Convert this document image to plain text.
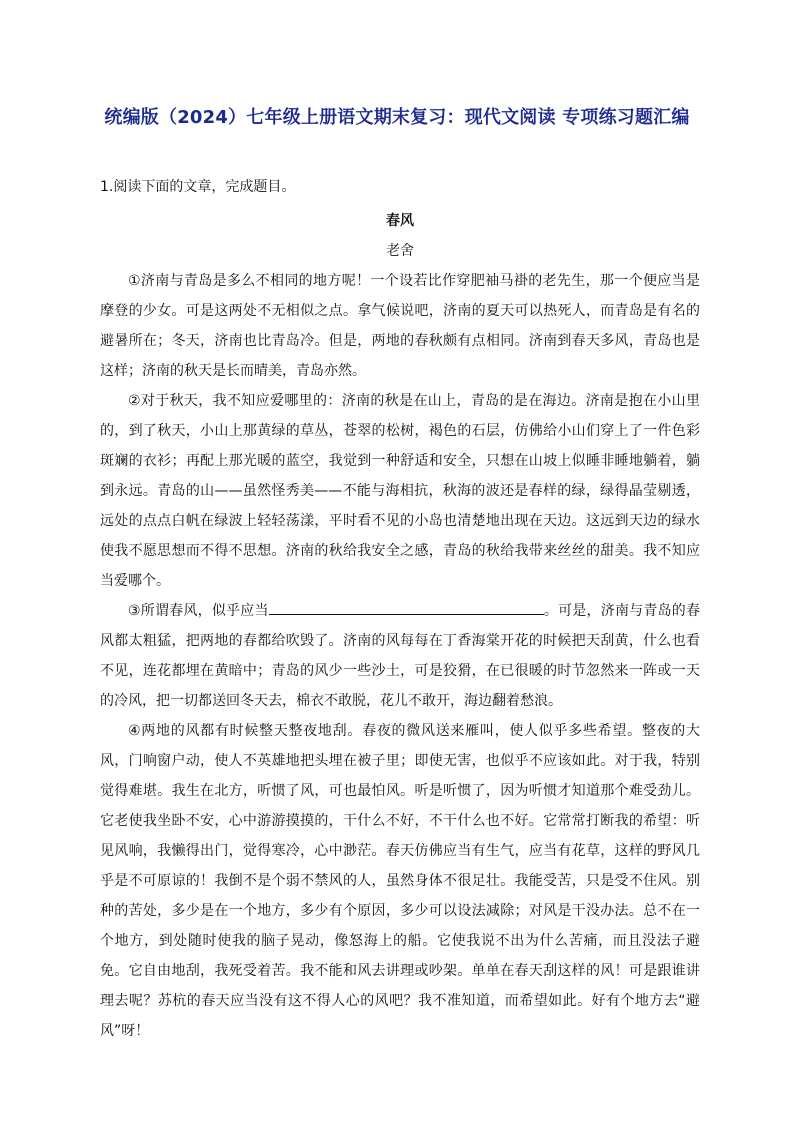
统编版（2024）七年级上册语文期末复习：现代文阅读 专项练习题汇编

1.阅读下面的文章，完成题目。

春风

老舍

①济南与青岛是多么不相同的地方呢！一个设若比作穿肥袖马褂的老先生，那一个便应当是摩登的少女。可是这两处不无相似之点。拿气候说吧，济南的夏天可以热死人，而青岛是有名的避暑所在；冬天，济南也比青岛冷。但是，两地的春秋颇有点相同。济南到春天多风，青岛也是这样；济南的秋天是长而晴美，青岛亦然。

②对于秋天，我不知应爱哪里的：济南的秋是在山上，青岛的是在海边。济南是抱在小山里的，到了秋天，小山上那黄绿的草丛，苍翠的松树，褐色的石层，仿佛给小山们穿上了一件色彩斑斓的衣衫；再配上那光暖的蓝空，我觉到一种舒适和安全，只想在山坡上似睡非睡地躺着，躺到永远。青岛的山——虽然怪秀美——不能与海相抗，秋海的波还是春样的绿，绿得晶莹剔透，远处的点点白帆在绿波上轻轻荡漾，平时看不见的小岛也清楚地出现在天边。这远到天边的绿水使我不愿思想而不得不思想。济南的秋给我安全之感，青岛的秋给我带来丝丝的甜美。我不知应当爱哪个。

③所谓春风，似乎应当	。可是，济南与青岛的春风都太粗猛，把两地的春都给吹毁了。济南的风每每在丁香海棠开花的时候把天刮黄，什么也看不见，连花都埋在黄暗中；青岛的风少一些沙土，可是狡猾，在已很暖的时节忽然来一阵或一天的冷风，把一切都送回冬天去，棉衣不敢脱，花儿不敢开，海边翻着愁浪。

④两地的风都有时候整天整夜地刮。春夜的微风送来雁叫，使人似乎多些希望。整夜的大风，门响窗户动，使人不英雄地把头埋在被子里；即使无害，也似乎不应该如此。对于我，特别觉得难堪。我生在北方，听惯了风，可也最怕风。听是听惯了，因为听惯才知道那个难受劲儿。它老使我坐卧不安，心中游游摸摸的，干什么不好，不干什么也不好。它常常打断我的希望：听见风响，我懒得出门，觉得寒冷，心中渺茫。春天仿佛应当有生气，应当有花草，这样的野风几乎是不可原谅的！我倒不是个弱不禁风的人，虽然身体不很足壮。我能受苦，只是受不住风。别种的苦处，多少是在一个地方，多少有个原因，多少可以设法减除；对风是干没办法。总不在一个地方，到处随时使我的脑子晃动，像怒海上的船。它使我说不出为什么苦痛，而且没法子避免。它自由地刮，我死受着苦。我不能和风去讲理或吵架。单单在春天刮这样的风！可是跟谁讲理去呢？苏杭的春天应当没有这不得人心的风吧？我不准知道，而希望如此。好有个地方去“避风”呀！
